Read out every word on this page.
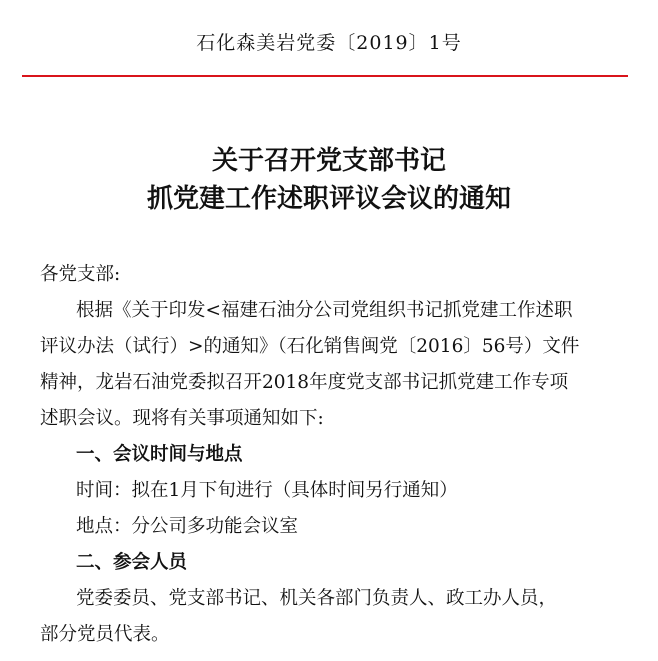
石化森美岩党委〔2019〕1号
关于召开党支部书记
抓党建工作述职评议会议的通知
各党支部:
根据《关于印发<福建石油分公司党组织书记抓党建工作述职
评议办法（试行）>的通知》（石化销售闽党〔2016〕56号）文件
精神，龙岩石油党委拟召开2018年度党支部书记抓党建工作专项
述职会议。现将有关事项通知如下:
一、会议时间与地点
时间：拟在1月下旬进行（具体时间另行通知）
地点：分公司多功能会议室
二、参会人员
党委委员、党支部书记、机关各部门负责人、政工办人员，
部分党员代表。
